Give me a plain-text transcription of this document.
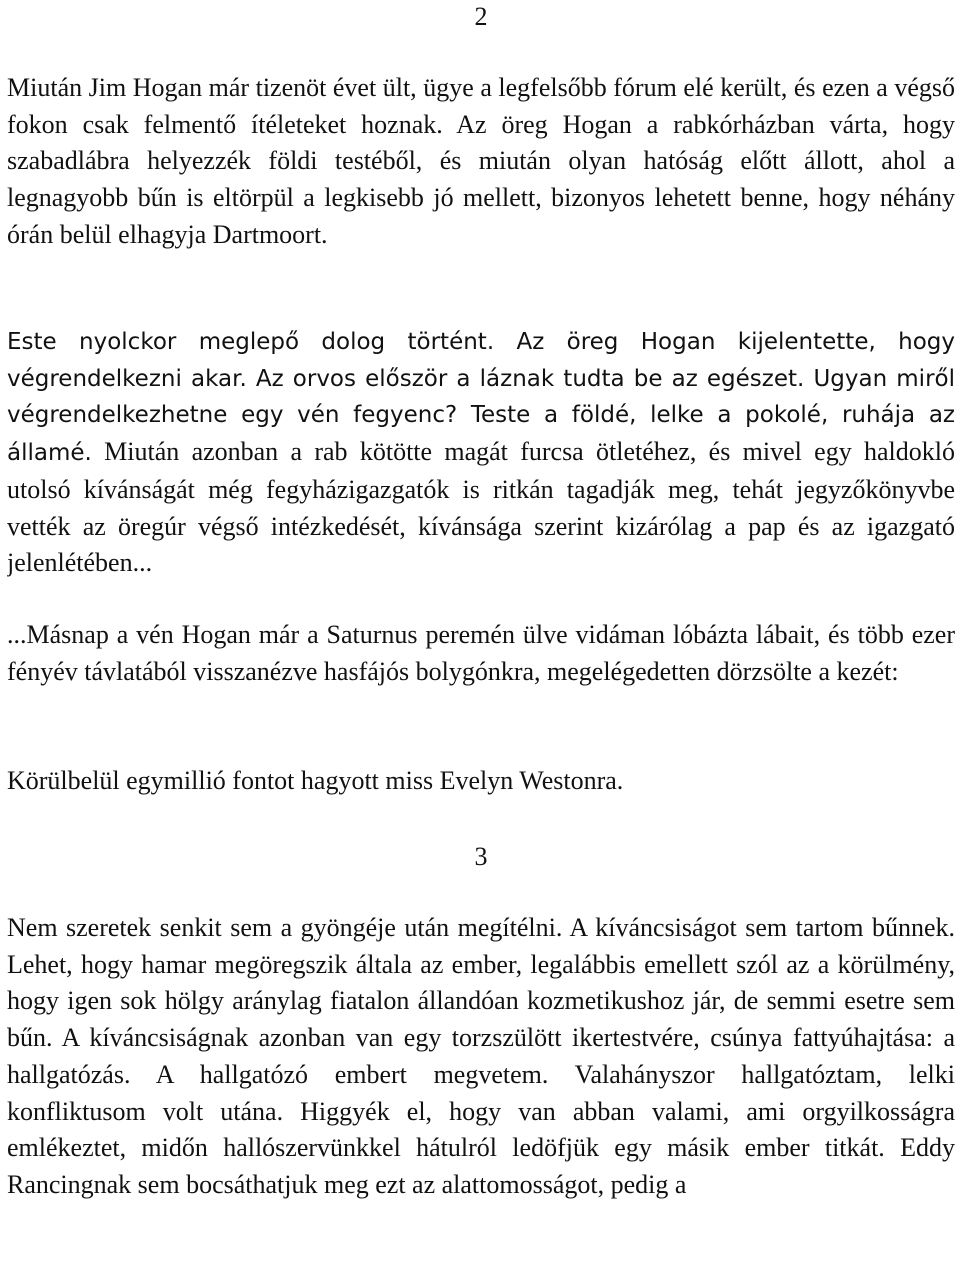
2

Miután Jim Hogan már tizenöt évet ült, ügye a legfelsőbb fórum elé került, és ezen a végső fokon csak felmentő ítéleteket hoznak. Az öreg Hogan a rabkórházban várta, hogy szabadlábra helyezzék földi testéből, és miután olyan hatóság előtt állott, ahol a legnagyobb bűn is eltörpül a legkisebb jó mellett, bizonyos lehetett benne, hogy néhány órán belül elhagyja Dartmoort.

Este nyolckor meglepő dolog történt. Az öreg Hogan kijelentette, hogy végrendelkezni akar. Az orvos először a láznak tudta be az egészet. Ugyan miről végrendelkezhetne egy vén fegyenc? Teste a földé, lelke a pokolé, ruhája az államé. Miután azonban a rab kötötte magát furcsa ötletéhez, és mivel egy haldokló utolsó kívánságát még fegyházigazgatók is ritkán tagadják meg, tehát jegyzőkönyvbe vették az öregúr végső intézkedését, kívánsága szerint kizárólag a pap és az igazgató jelenlétében...

...Másnap a vén Hogan már a Saturnus peremén ülve vidáman lóbázta lábait, és több ezer fényév távlatából visszanézve hasfájós bolygónkra, megelégedetten dörzsölte a kezét:

Körülbelül egymillió fontot hagyott miss Evelyn Westonra.

3

Nem szeretek senkit sem a gyöngéje után megítélni. A kíváncsiságot sem tartom bűnnek. Lehet, hogy hamar megöregszik általa az ember, legalábbis emellett szól az a körülmény, hogy igen sok hölgy aránylag fiatalon állandóan kozmetikushoz jár, de semmi esetre sem bűn. A kíváncsiságnak azonban van egy torzszülött ikertestvére, csúnya fattyúhajtása: a hallgatózás. A hallgatózó embert megvetem. Valahányszor hallgatóztam, lelki konfliktusom volt utána. Higgyék el, hogy van abban valami, ami orgyilkosságra emlékeztet, midőn hallószervünkkel hátulról ledöfjük egy másik ember titkát. Eddy Rancingnak sem bocsáthatjuk meg ezt az alattomosságot, pedig a
